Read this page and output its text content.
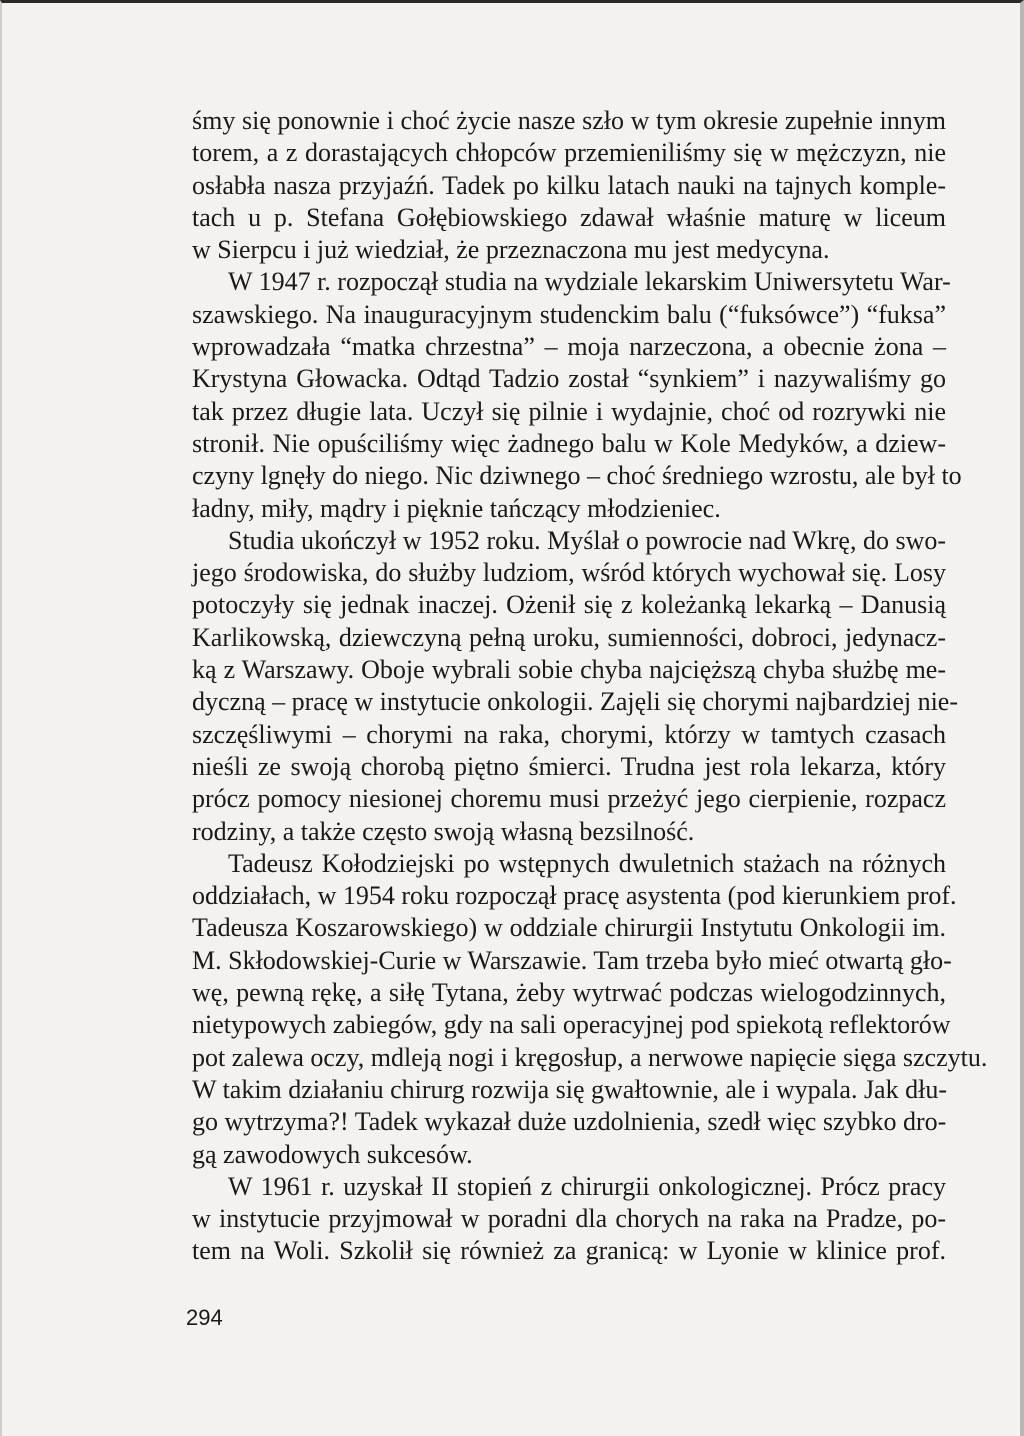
śmy się ponownie i choć życie nasze szło w tym okresie zupełnie innym
torem, a z dorastających chłopców przemieniliśmy się w mężczyzn, nie
osłabła nasza przyjaźń. Tadek po kilku latach nauki na tajnych komple-
tach u p. Stefana Gołębiowskiego zdawał właśnie maturę w liceum
w Sierpcu i już wiedział, że przeznaczona mu jest medycyna.
W 1947 r. rozpoczął studia na wydziale lekarskim Uniwersytetu War-
szawskiego. Na inauguracyjnym studenckim balu (“fuksówce”) “fuksa”
wprowadzała “matka chrzestna” – moja narzeczona, a obecnie żona –
Krystyna Głowacka. Odtąd Tadzio został “synkiem” i nazywaliśmy go
tak przez długie lata. Uczył się pilnie i wydajnie, choć od rozrywki nie
stronił. Nie opuściliśmy więc żadnego balu w Kole Medyków, a dziew-
czyny lgnęły do niego. Nic dziwnego – choć średniego wzrostu, ale był to
ładny, miły, mądry i pięknie tańczący młodzieniec.
Studia ukończył w 1952 roku. Myślał o powrocie nad Wkrę, do swo-
jego środowiska, do służby ludziom, wśród których wychował się. Losy
potoczyły się jednak inaczej. Ożenił się z koleżanką lekarką – Danusią
Karlikowską, dziewczyną pełną uroku, sumienności, dobroci, jedynacz-
ką z Warszawy. Oboje wybrali sobie chyba najcięższą chyba służbę me-
dyczną – pracę w instytucie onkologii. Zajęli się chorymi najbardziej nie-
szczęśliwymi – chorymi na raka, chorymi, którzy w tamtych czasach
nieśli ze swoją chorobą piętno śmierci. Trudna jest rola lekarza, który
prócz pomocy niesionej choremu musi przeżyć jego cierpienie, rozpacz
rodziny, a także często swoją własną bezsilność.
Tadeusz Kołodziejski po wstępnych dwuletnich stażach na różnych
oddziałach, w 1954 roku rozpoczął pracę asystenta (pod kierunkiem prof.
Tadeusza Koszarowskiego) w oddziale chirurgii Instytutu Onkologii im.
M. Skłodowskiej-Curie w Warszawie. Tam trzeba było mieć otwartą gło-
wę, pewną rękę, a siłę Tytana, żeby wytrwać podczas wielogodzinnych,
nietypowych zabiegów, gdy na sali operacyjnej pod spiekotą reflektorów
pot zalewa oczy, mdleją nogi i kręgosłup, a nerwowe napięcie sięga szczytu.
W takim działaniu chirurg rozwija się gwałtownie, ale i wypala. Jak dłu-
go wytrzyma?! Tadek wykazał duże uzdolnienia, szedł więc szybko dro-
gą zawodowych sukcesów.
W 1961 r. uzyskał II stopień z chirurgii onkologicznej. Prócz pracy
w instytucie przyjmował w poradni dla chorych na raka na Pradze, po-
tem na Woli. Szkolił się również za granicą: w Lyonie w klinice prof.
294
